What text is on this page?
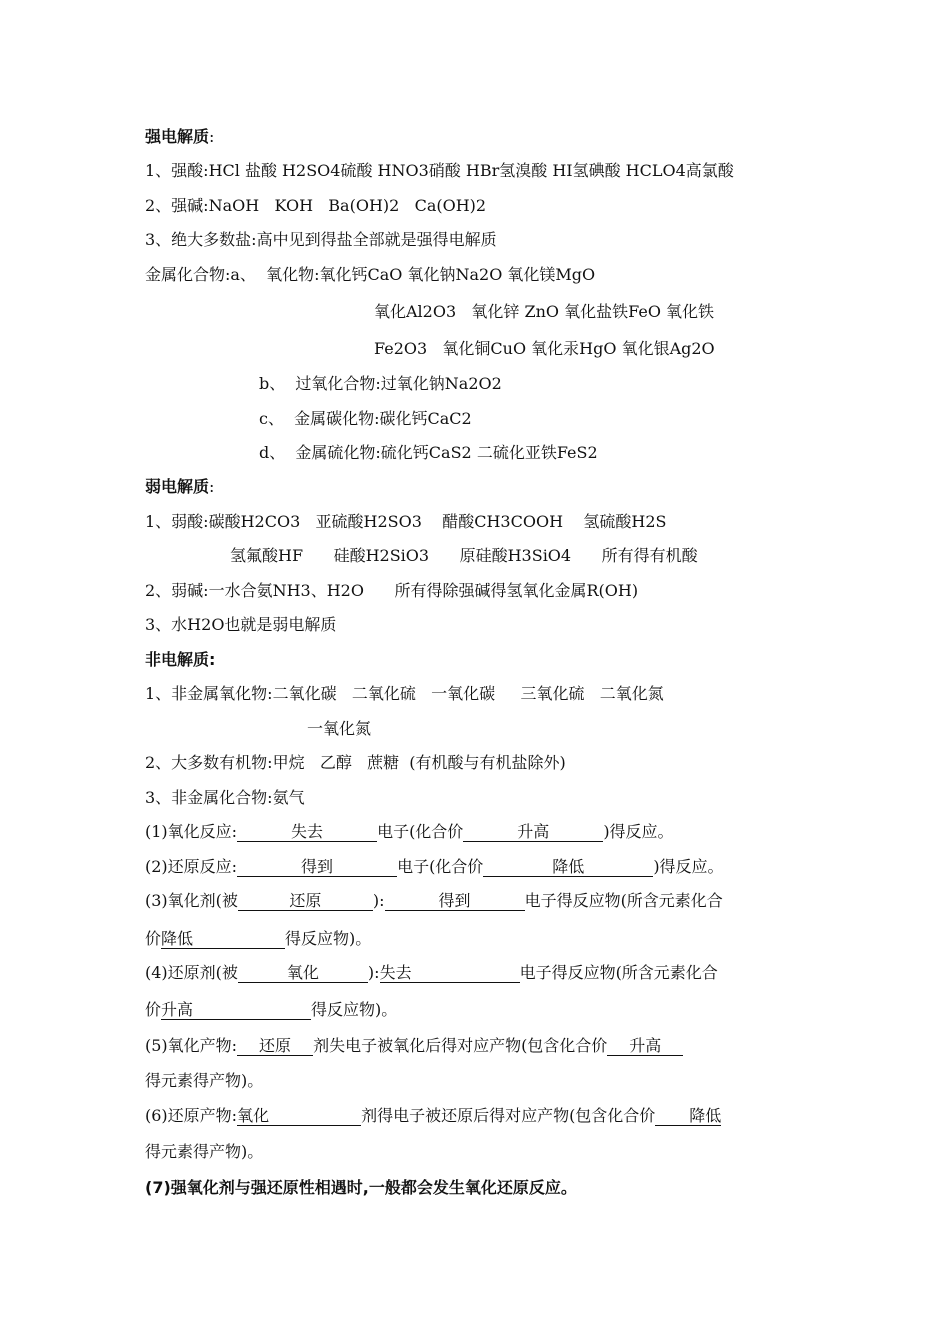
强电解质:
1、强酸:HCl 盐酸 H2SO4硫酸 HNO3硝酸 HBr氢溴酸 HI氢碘酸 HCLO4高氯酸
2、强碱:NaOH   KOH   Ba(OH)2   Ca(OH)2
3、绝大多数盐:高中见到得盐全部就是强得电解质
金属化合物:a、  氧化物:氧化钙CaO 氧化钠Na2O 氧化镁MgO
氧化Al2O3   氧化锌 ZnO 氧化盐铁FeO 氧化铁
Fe2O3   氧化铜CuO 氧化汞HgO 氧化银Ag2O
b、  过氧化合物:过氧化钠Na2O2
c、  金属碳化物:碳化钙CaC2
d、  金属硫化物:硫化钙CaS2 二硫化亚铁FeS2
弱电解质:
1、弱酸:碳酸H2CO3   亚硫酸H2SO3    醋酸CH3COOH    氢硫酸H2S
氢氟酸HF      硅酸H2SiO3      原硅酸H3SiO4      所有得有机酸
2、弱碱:一水合氨NH3、H2O      所有得除强碱得氢氧化金属R(OH)
3、水H2O也就是弱电解质
非电解质:
1、非金属氧化物:二氧化碳   二氧化硫   一氧化碳     三氧化硫   二氧化氮
一氧化氮
2、大多数有机物:甲烷   乙醇   蔗糖  (有机酸与有机盐除外)
3、非金属化合物:氨气
(1)氧化反应:	失去	电子(化合价	升高	)得反应。
(2)还原反应:	得到	电子(化合价	降低	)得反应。
(3)氧化剂(被	还原	):	得到	电子得反应物(所含元素化合
价降低	得反应物)。
(4)还原剂(被	氧化	):失去	电子得反应物(所含元素化合
价升高	得反应物)。
(5)氧化产物: 还原 剂失电子被氧化后得对应产物(包含化合价 升高
得元素得产物)。
(6)还原产物:氧化	剂得电子被还原后得对应产物(包含化合价 降低
得元素得产物)。
(7)强氧化剂与强还原性相遇时,一般都会发生氧化还原反应。
